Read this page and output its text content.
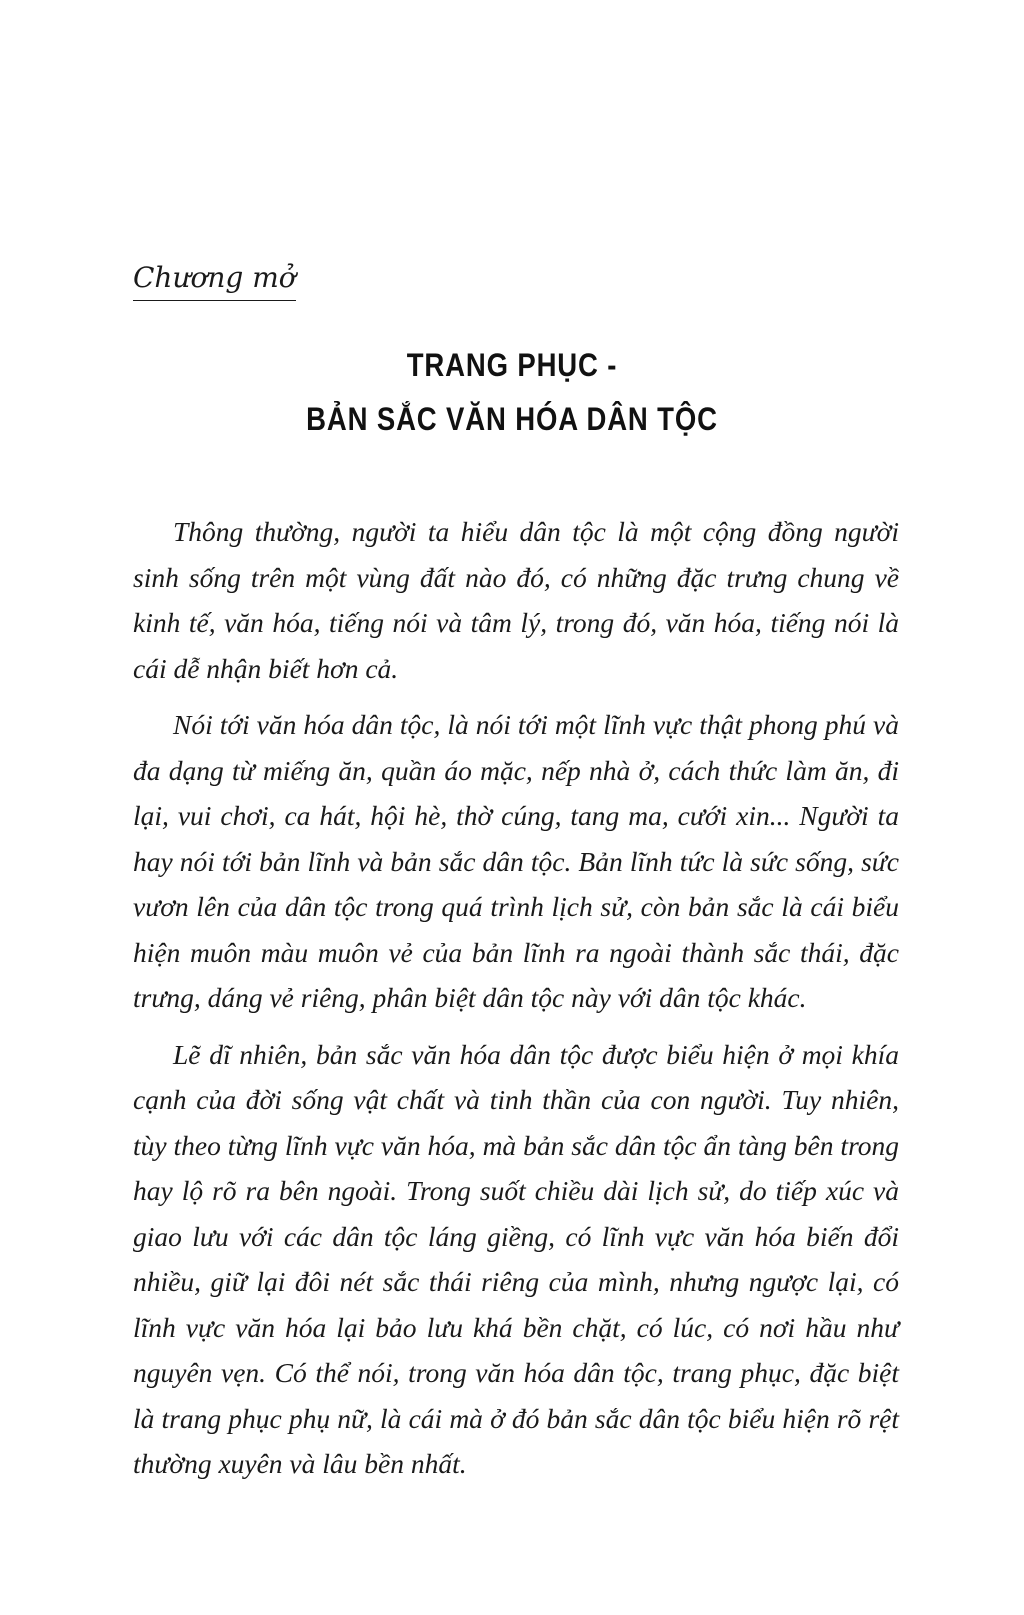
Chương mở
TRANG PHỤC -
BẢN SẮC VĂN HÓA DÂN TỘC

Thông thường, người ta hiểu dân tộc là một cộng đồng người sinh sống trên một vùng đất nào đó, có những đặc trưng chung về kinh tế, văn hóa, tiếng nói và tâm lý, trong đó, văn hóa, tiếng nói là cái dễ nhận biết hơn cả.

Nói tới văn hóa dân tộc, là nói tới một lĩnh vực thật phong phú và đa dạng từ miếng ăn, quần áo mặc, nếp nhà ở, cách thức làm ăn, đi lại, vui chơi, ca hát, hội hè, thờ cúng, tang ma, cưới xin... Người ta hay nói tới bản lĩnh và bản sắc dân tộc. Bản lĩnh tức là sức sống, sức vươn lên của dân tộc trong quá trình lịch sử, còn bản sắc là cái biểu hiện muôn màu muôn vẻ của bản lĩnh ra ngoài thành sắc thái, đặc trưng, dáng vẻ riêng, phân biệt dân tộc này với dân tộc khác.

Lẽ dĩ nhiên, bản sắc văn hóa dân tộc được biểu hiện ở mọi khía cạnh của đời sống vật chất và tinh thần của con người. Tuy nhiên, tùy theo từng lĩnh vực văn hóa, mà bản sắc dân tộc ẩn tàng bên trong hay lộ rõ ra bên ngoài. Trong suốt chiều dài lịch sử, do tiếp xúc và giao lưu với các dân tộc láng giềng, có lĩnh vực văn hóa biến đổi nhiều, giữ lại đôi nét sắc thái riêng của mình, nhưng ngược lại, có lĩnh vực văn hóa lại bảo lưu khá bền chặt, có lúc, có nơi hầu như nguyên vẹn. Có thể nói, trong văn hóa dân tộc, trang phục, đặc biệt là trang phục phụ nữ, là cái mà ở đó bản sắc dân tộc biểu hiện rõ rệt thường xuyên và lâu bền nhất.
